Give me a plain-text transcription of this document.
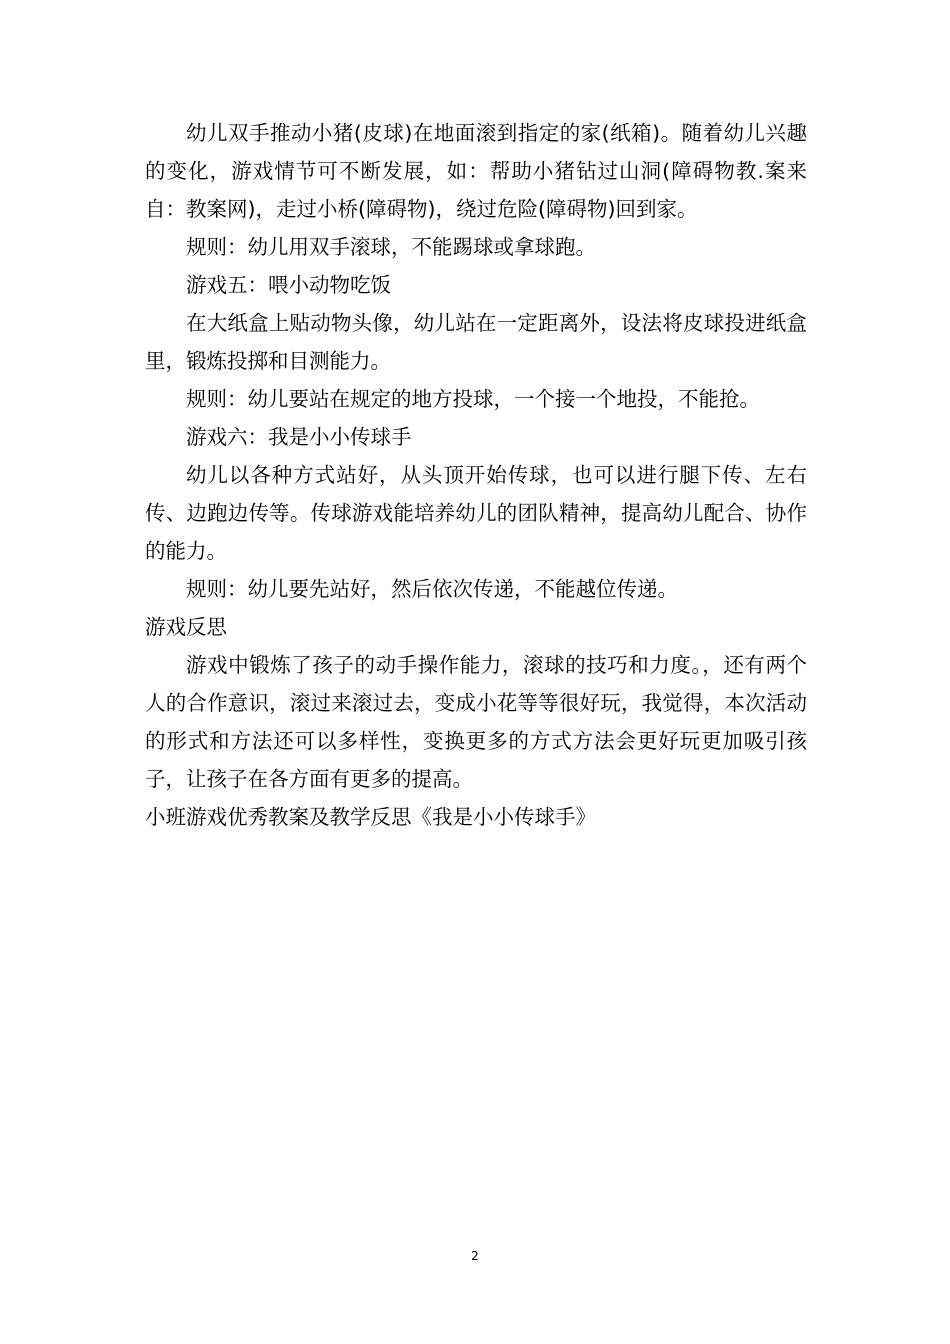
幼儿双手推动小猪(皮球)在地面滚到指定的家(纸箱)。随着幼儿兴趣的变化，游戏情节可不断发展，如：帮助小猪钻过山洞(障碍物教.案来自：教案网)，走过小桥(障碍物)，绕过危险(障碍物)回到家。

规则：幼儿用双手滚球，不能踢球或拿球跑。

游戏五：喂小动物吃饭

在大纸盒上贴动物头像，幼儿站在一定距离外，设法将皮球投进纸盒里，锻炼投掷和目测能力。

规则：幼儿要站在规定的地方投球，一个接一个地投，不能抢。

游戏六：我是小小传球手

幼儿以各种方式站好，从头顶开始传球，也可以进行腿下传、左右传、边跑边传等。传球游戏能培养幼儿的团队精神，提高幼儿配合、协作的能力。

规则：幼儿要先站好，然后依次传递，不能越位传递。

游戏反思

游戏中锻炼了孩子的动手操作能力，滚球的技巧和力度。，还有两个人的合作意识，滚过来滚过去，变成小花等等很好玩，我觉得，本次活动的形式和方法还可以多样性，变换更多的方式方法会更好玩更加吸引孩子，让孩子在各方面有更多的提高。

小班游戏优秀教案及教学反思《我是小小传球手》

2
